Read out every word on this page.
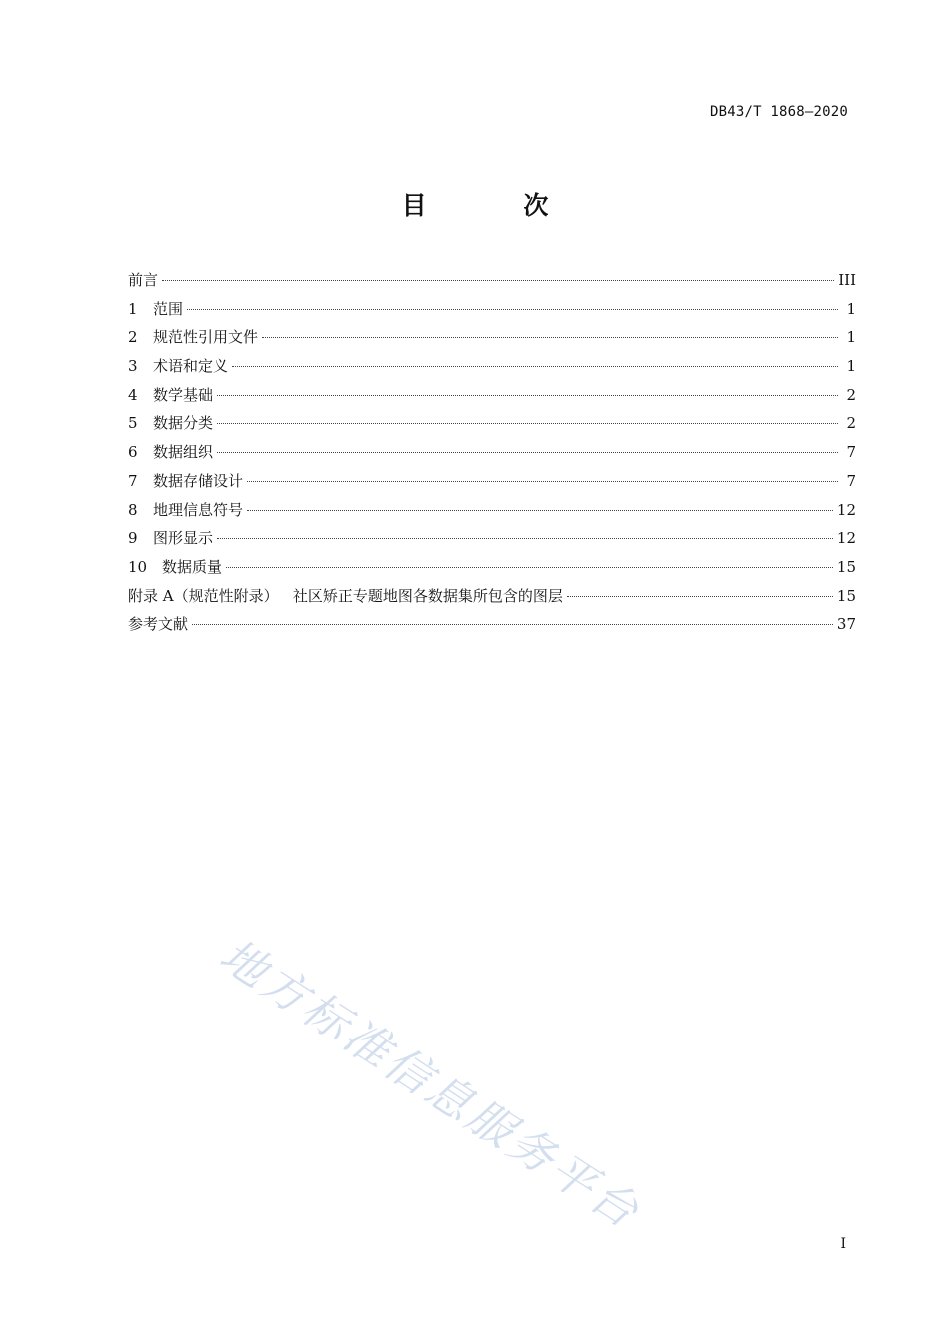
DB43/T 1868—2020
目 次
前言	III
1	范围	1
2	规范性引用文件	1
3	术语和定义	1
4	数学基础	2
5	数据分类	2
6	数据组织	7
7	数据存储设计	7
8	地理信息符号	12
9	图形显示	12
10 数据质量	15
附录 A（规范性附录）   社区矫正专题地图各数据集所包含的图层	15
参考文献	37
地方标准信息服务平台
I
